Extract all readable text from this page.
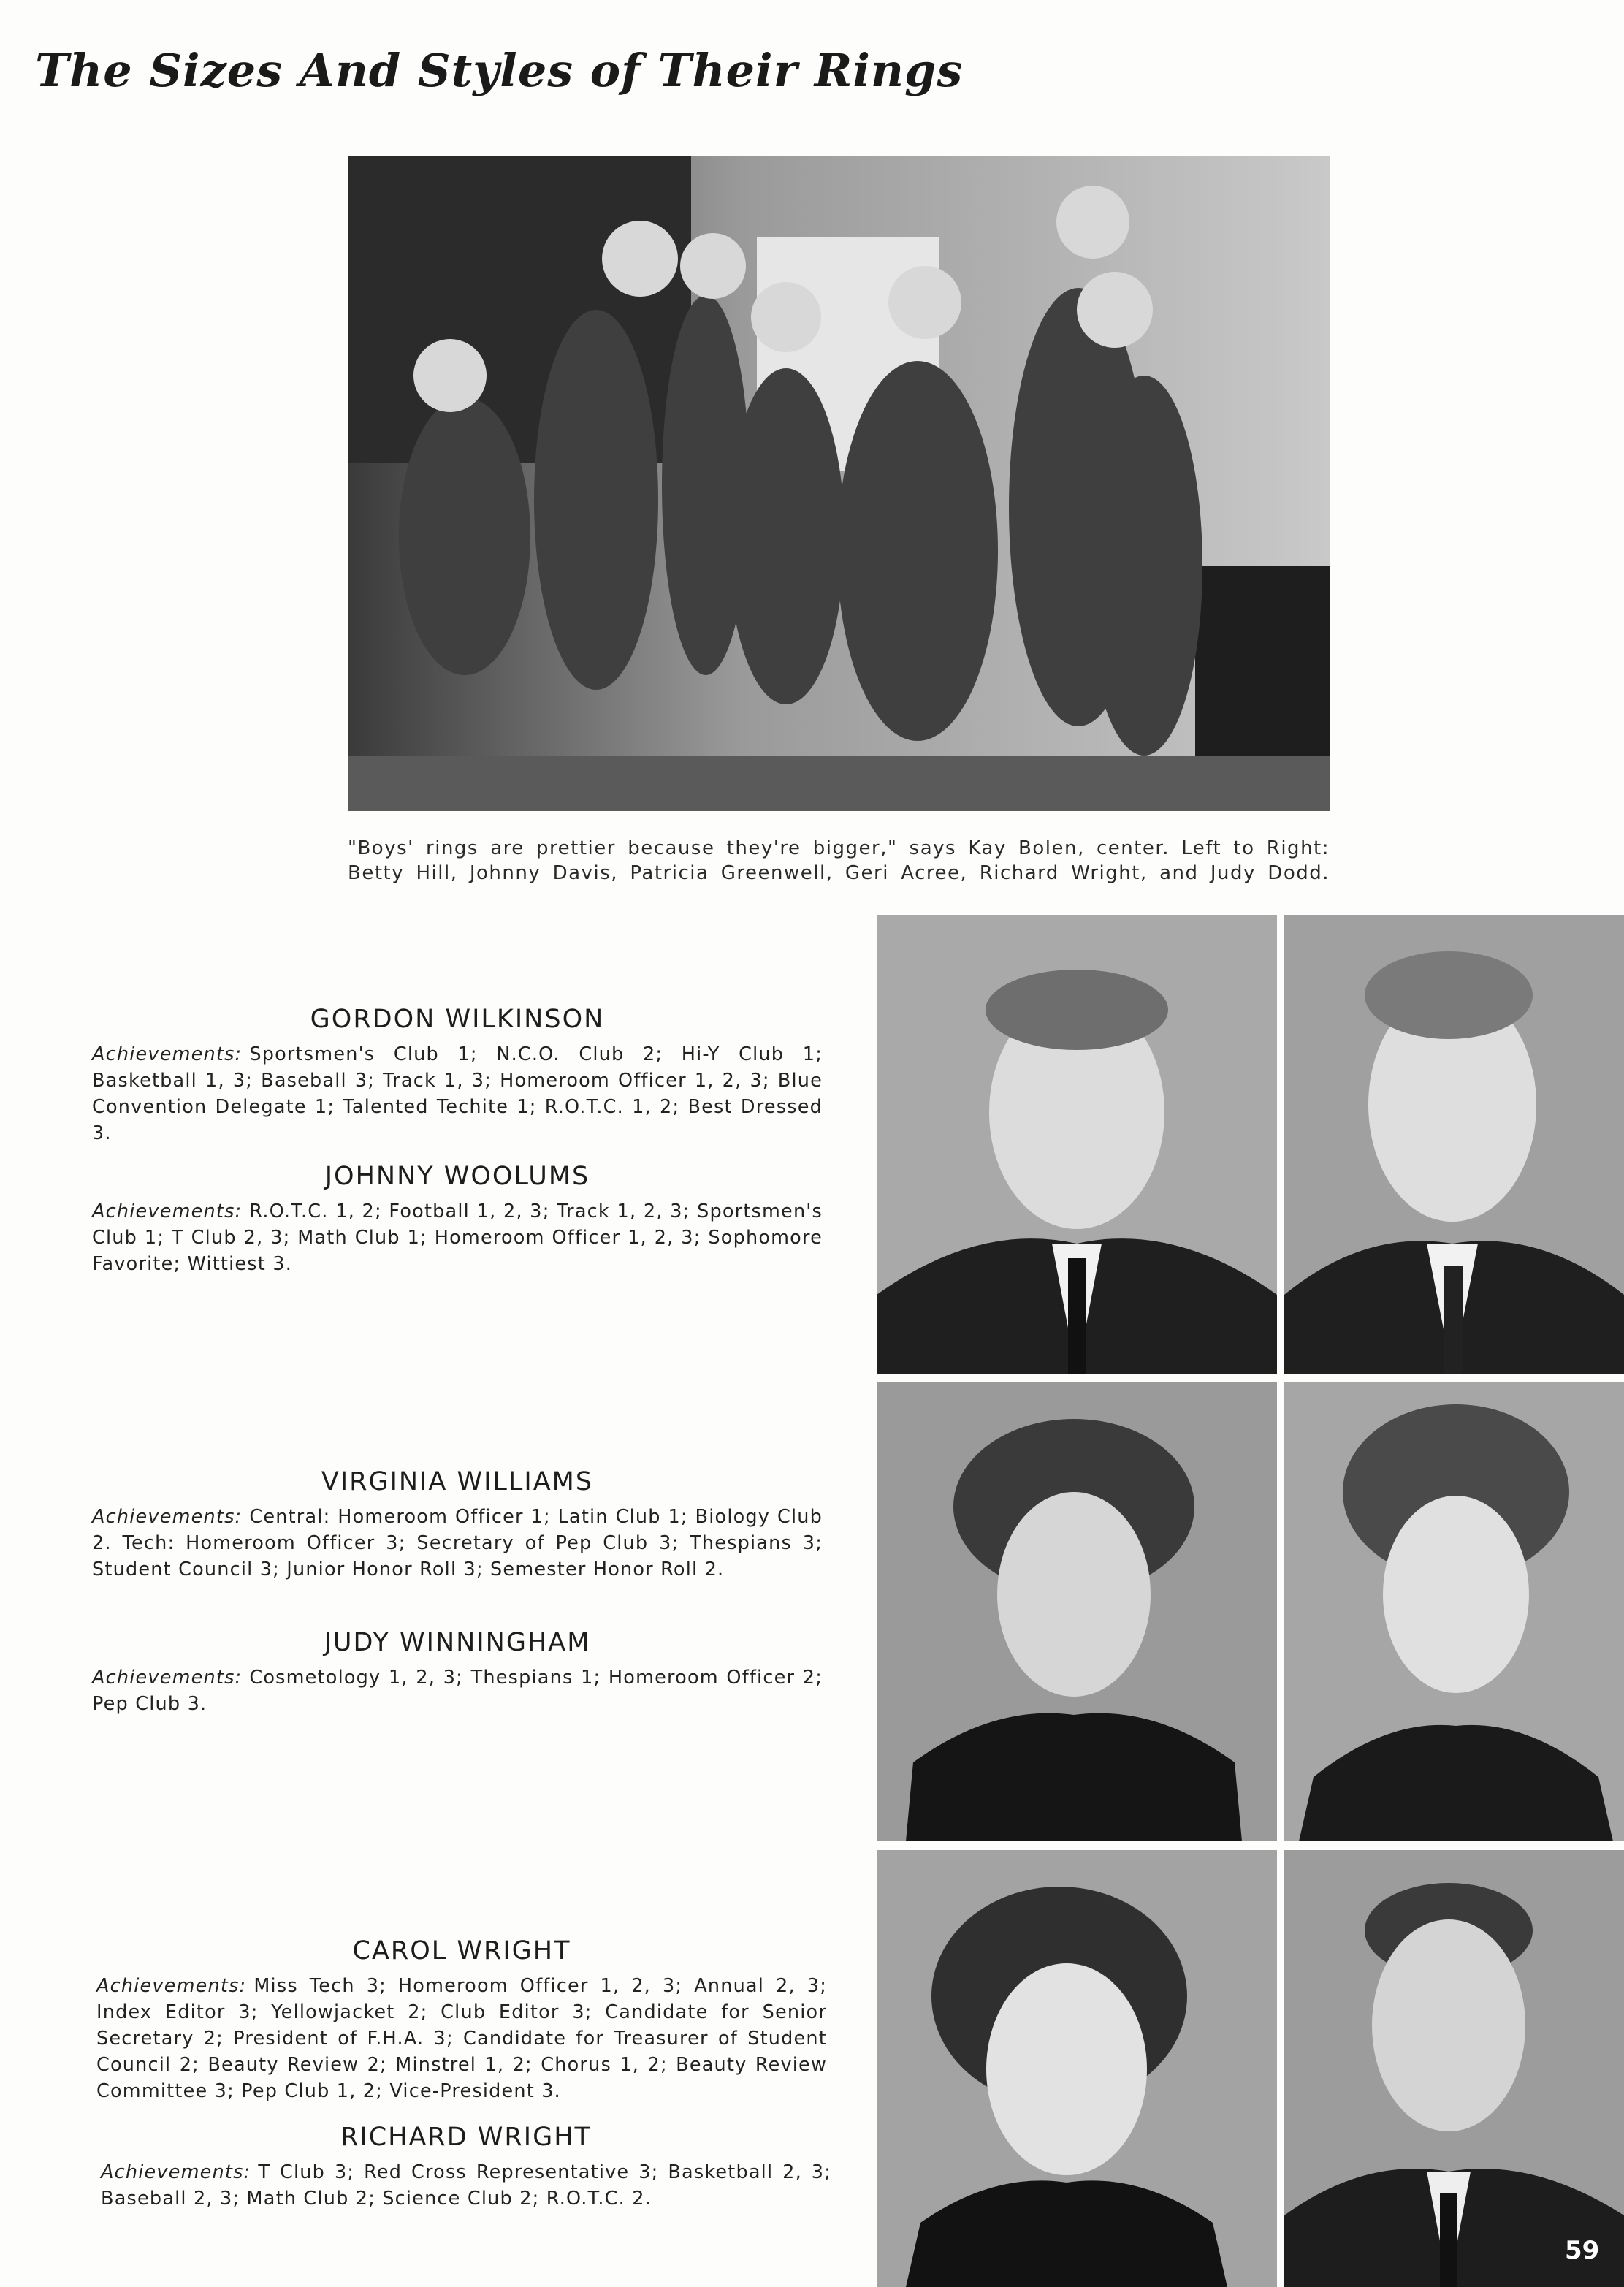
The Sizes And Styles of Their Rings
"Boys' rings are prettier because they're bigger," says Kay Bolen, center. Left to Right:
Betty Hill, Johnny Davis, Patricia Greenwell, Geri Acree, Richard Wright, and Judy Dodd.
GORDON WILKINSON
Achievements: Sportsmen's Club 1; N.C.O. Club 2; Hi-Y Club 1; Basketball 1, 3; Baseball 3; Track 1, 3; Homeroom Officer 1, 2, 3; Blue Convention Delegate 1; Talented Techite 1; R.O.T.C. 1, 2; Best Dressed 3.
JOHNNY WOOLUMS
Achievements: R.O.T.C. 1, 2; Football 1, 2, 3; Track 1, 2, 3; Sportsmen's Club 1; T Club 2, 3; Math Club 1; Homeroom Officer 1, 2, 3; Sophomore Favorite; Wittiest 3.
VIRGINIA WILLIAMS
Achievements: Central: Homeroom Officer 1; Latin Club 1; Biology Club 2. Tech: Homeroom Officer 3; Secretary of Pep Club 3; Thespians 3; Student Council 3; Junior Honor Roll 3; Semester Honor Roll 2.
JUDY WINNINGHAM
Achievements: Cosmetology 1, 2, 3; Thespians 1; Homeroom Officer 2; Pep Club 3.
CAROL WRIGHT
Achievements: Miss Tech 3; Homeroom Officer 1, 2, 3; Annual 2, 3; Index Editor 3; Yellowjacket 2; Club Editor 3; Candidate for Senior Secretary 2; President of F.H.A. 3; Candidate for Treasurer of Student Council 2; Beauty Review 2; Minstrel 1, 2; Chorus 1, 2; Beauty Review Committee 3; Pep Club 1, 2; Vice-President 3.
RICHARD WRIGHT
Achievements: T Club 3; Red Cross Representative 3; Basketball 2, 3; Baseball 2, 3; Math Club 2; Science Club 2; R.O.T.C. 2.
59
